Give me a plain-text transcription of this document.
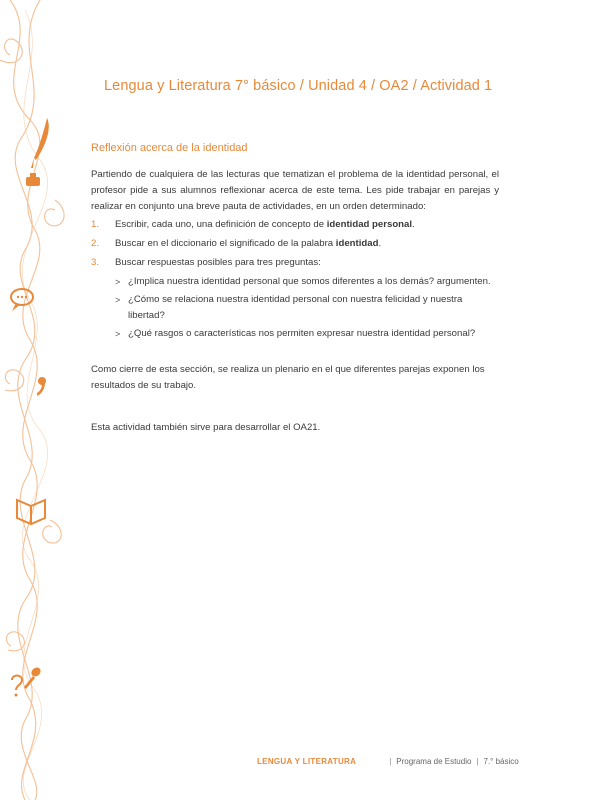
Lengua y Literatura 7° básico / Unidad 4 / OA2 / Actividad 1
Reflexión acerca de la identidad

Partiendo de cualquiera de las lecturas que tematizan el problema de la identidad personal, el profesor pide a sus alumnos reflexionar acerca de este tema. Les pide trabajar en parejas y realizar en conjunto una breve pauta de actividades, en un orden determinado:

1. Escribir, cada uno, una definición de concepto de identidad personal.
2. Buscar en el diccionario el significado de la palabra identidad.
3. Buscar respuestas posibles para tres preguntas:
> ¿Implica nuestra identidad personal que somos diferentes a los demás? argumenten.
> ¿Cómo se relaciona nuestra identidad personal con nuestra felicidad y nuestra libertad?
> ¿Qué rasgos o características nos permiten expresar nuestra identidad personal?

Como cierre de esta sección, se realiza un plenario en el que diferentes parejas exponen los resultados de su trabajo.

Esta actividad también sirve para desarrollar el OA21.

LENGUA Y LITERATURA	| Programa de Estudio | 7.° básico
